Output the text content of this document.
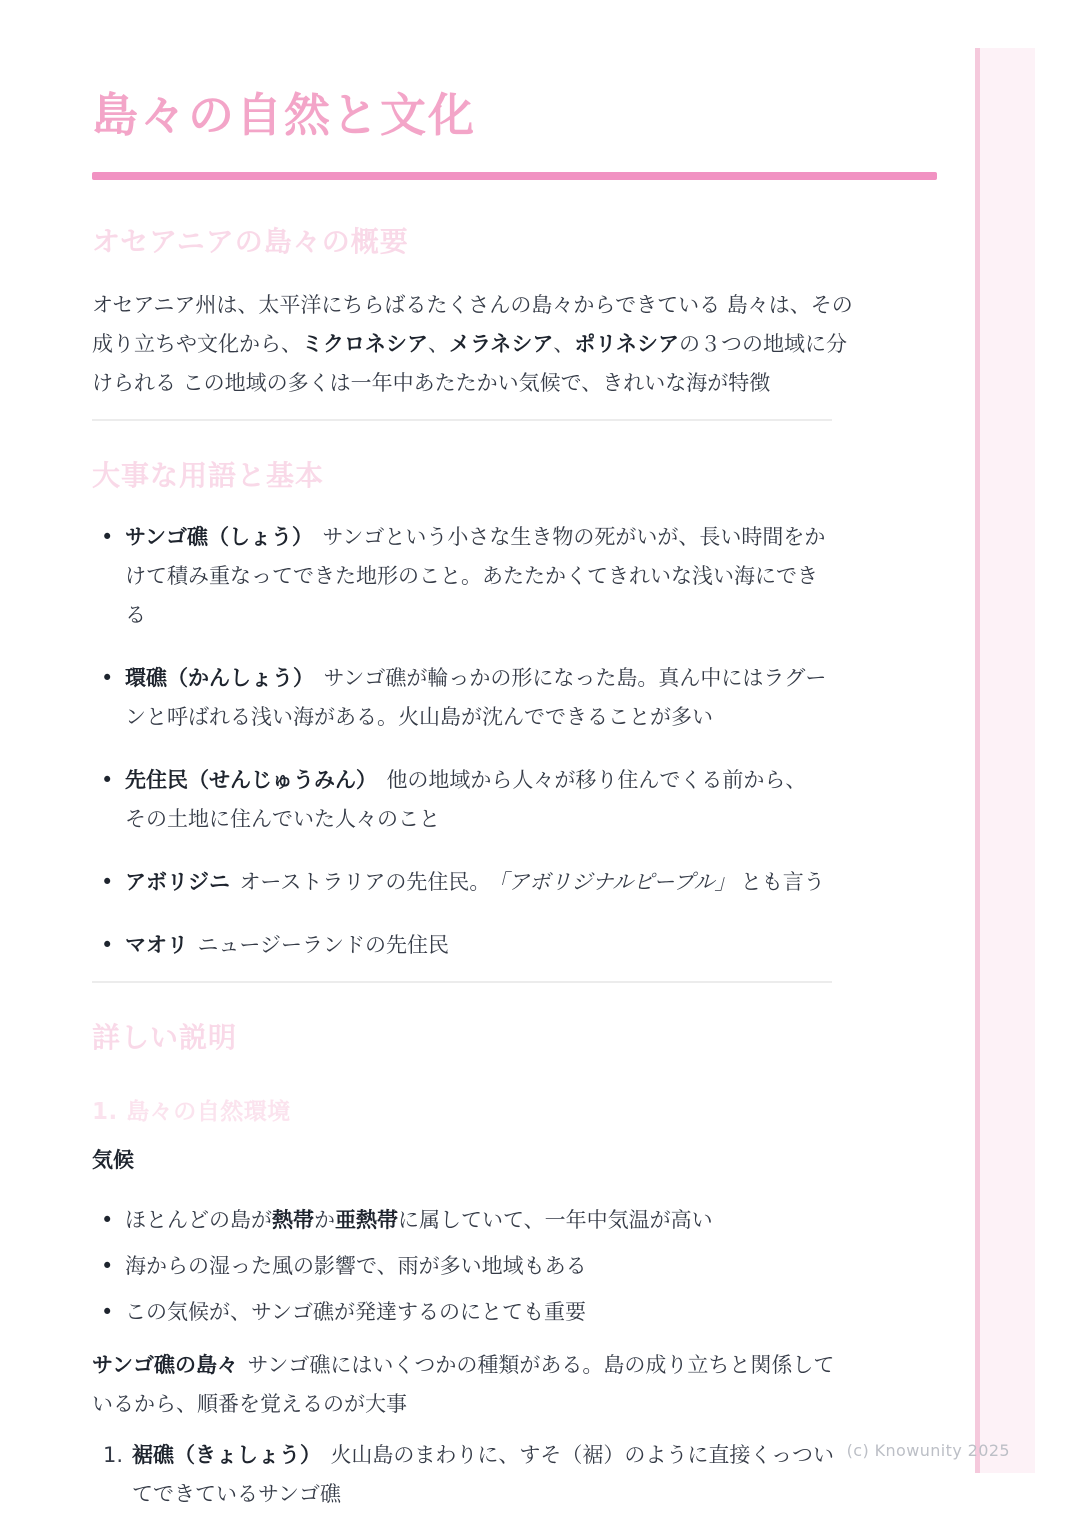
島々の自然と文化
オセアニアの島々の概要

オセアニア州は、太平洋にちらばるたくさんの島々からできている 島々は、その成り立ちや文化から、ミクロネシア、メラネシア、ポリネシアの３つの地域に分けられる この地域の多くは一年中あたたかい気候で、きれいな海が特徴

大事な用語と基本
• サンゴ礁（しょう） サンゴという小さな生き物の死がいが、長い時間をかけて積み重なってできた地形のこと。あたたかくてきれいな浅い海にできる
• 環礁（かんしょう） サンゴ礁が輪っかの形になった島。真ん中にはラグーンと呼ばれる浅い海がある。火山島が沈んでできることが多い
• 先住民（せんじゅうみん） 他の地域から人々が移り住んでくる前から、その土地に住んでいた人々のこと
• アボリジニ オーストラリアの先住民。 「アボリジナルピープル」 とも言う
• マオリ ニュージーランドの先住民
詳しい説明
1. 島々の自然環境

気候

• ほとんどの島が熱帯か亜熱帯に属していて、一年中気温が高い
• 海からの湿った風の影響で、雨が多い地域もある
• この気候が、サンゴ礁が発達するのにとても重要

サンゴ礁の島々 サンゴ礁にはいくつかの種類がある。島の成り立ちと関係しているから、順番を覚えるのが大事

1. 裾礁（きょしょう） 火山島のまわりに、すそ（裾）のように直接くっついてできているサンゴ礁
(c) Knowunity 2025
